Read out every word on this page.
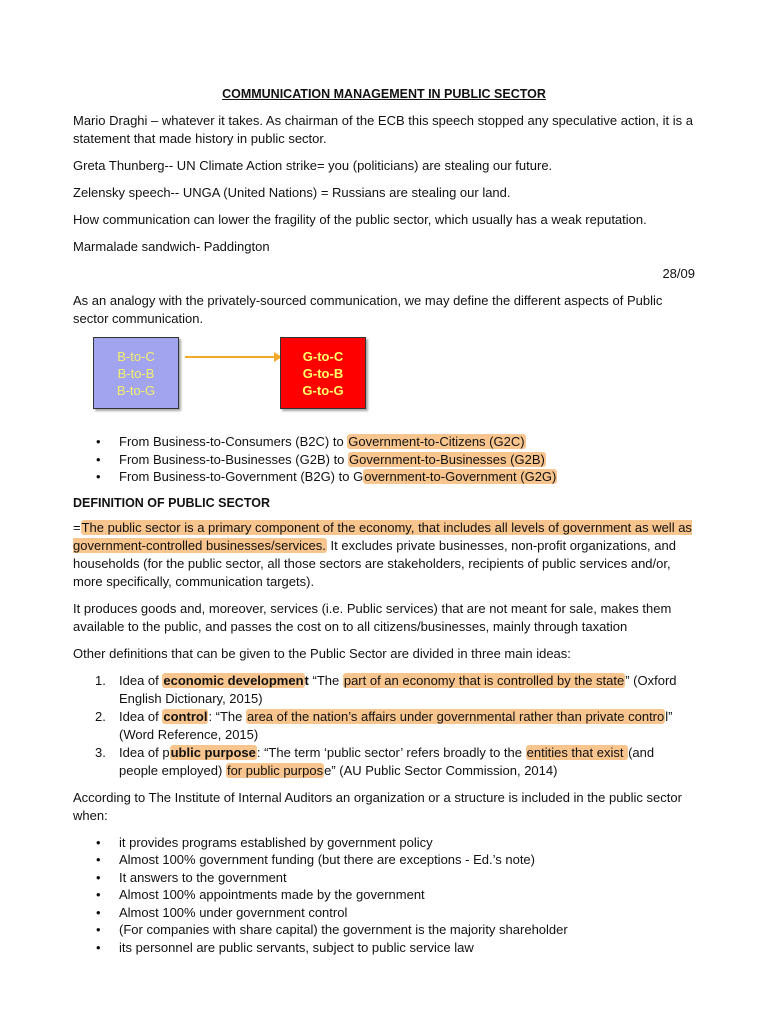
COMMUNICATION MANAGEMENT IN PUBLIC SECTOR

Mario Draghi – whatever it takes. As chairman of the ECB this speech stopped any speculative action, it is a statement that made history in public sector.

Greta Thunberg-- UN Climate Action strike= you (politicians) are stealing our future.

Zelensky speech-- UNGA (United Nations) = Russians are stealing our land.

How communication can lower the fragility of the public sector, which usually has a weak reputation.

Marmalade sandwich- Paddington

28/09

As an analogy with the privately-sourced communication, we may define the different aspects of Public sector communication.

B-to-C
B-to-B
B-to-G
G-to-C
G-to-B
G-to-G
• From Business-to-Consumers (B2C) to Government-to-Citizens (G2C)
• From Business-to-Businesses (G2B) to Government-to-Businesses (G2B)
• From Business-to-Government (B2G) to Government-to-Government (G2G)
DEFINITION OF PUBLIC SECTOR

=The public sector is a primary component of the economy, that includes all levels of government as well as government-controlled businesses/services. It excludes private businesses, non-profit organizations, and households (for the public sector, all those sectors are stakeholders, recipients of public services and/or, more specifically, communication targets).

It produces goods and, moreover, services (i.e. Public services) that are not meant for sale, makes them available to the public, and passes the cost on to all citizens/businesses, mainly through taxation

Other definitions that can be given to the Public Sector are divided in three main ideas:

1. Idea of economic development “The part of an economy that is controlled by the state” (Oxford English Dictionary, 2015)
2. Idea of control: “The area of the nation’s affairs under governmental rather than private control” (Word Reference, 2015)
3. Idea of public purpose: “The term ‘public sector’ refers broadly to the entities that exist (and people employed) for public purpose” (AU Public Sector Commission, 2014)

According to The Institute of Internal Auditors an organization or a structure is included in the public sector when:

• it provides programs established by government policy
• Almost 100% government funding (but there are exceptions - Ed.’s note)
• It answers to the government
• Almost 100% appointments made by the government
• Almost 100% under government control
• (For companies with share capital) the government is the majority shareholder
• its personnel are public servants, subject to public service law
